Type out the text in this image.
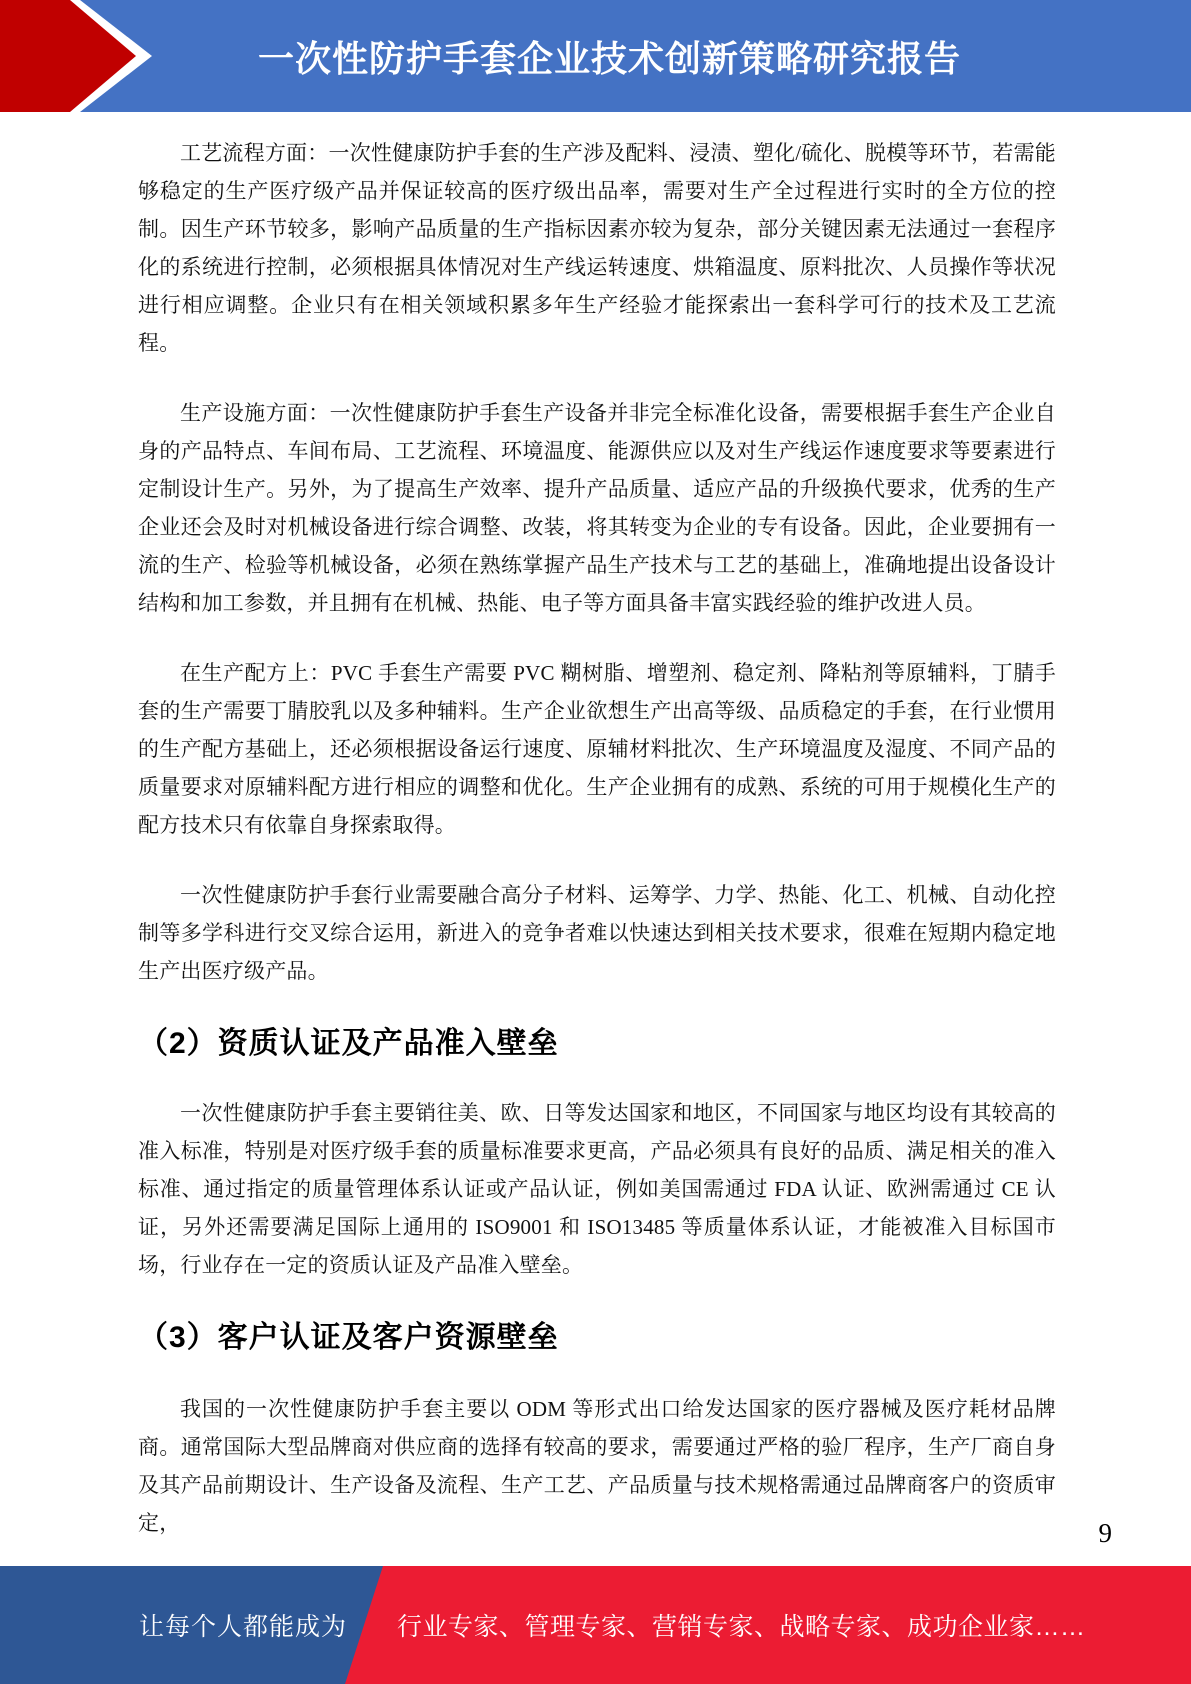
一次性防护手套企业技术创新策略研究报告

工艺流程方面：一次性健康防护手套的生产涉及配料、浸渍、塑化/硫化、脱模等环节，若需能够稳定的生产医疗级产品并保证较高的医疗级出品率，需要对生产全过程进行实时的全方位的控制。因生产环节较多，影响产品质量的生产指标因素亦较为复杂，部分关键因素无法通过一套程序化的系统进行控制，必须根据具体情况对生产线运转速度、烘箱温度、原料批次、人员操作等状况进行相应调整。企业只有在相关领域积累多年生产经验才能探索出一套科学可行的技术及工艺流程。

生产设施方面：一次性健康防护手套生产设备并非完全标准化设备，需要根据手套生产企业自身的产品特点、车间布局、工艺流程、环境温度、能源供应以及对生产线运作速度要求等要素进行定制设计生产。另外，为了提高生产效率、提升产品质量、适应产品的升级换代要求，优秀的生产企业还会及时对机械设备进行综合调整、改装，将其转变为企业的专有设备。因此，企业要拥有一流的生产、检验等机械设备，必须在熟练掌握产品生产技术与工艺的基础上，准确地提出设备设计结构和加工参数，并且拥有在机械、热能、电子等方面具备丰富实践经验的维护改进人员。

在生产配方上：PVC 手套生产需要 PVC 糊树脂、增塑剂、稳定剂、降粘剂等原辅料，丁腈手套的生产需要丁腈胶乳以及多种辅料。生产企业欲想生产出高等级、品质稳定的手套，在行业惯用的生产配方基础上，还必须根据设备运行速度、原辅材料批次、生产环境温度及湿度、不同产品的质量要求对原辅料配方进行相应的调整和优化。生产企业拥有的成熟、系统的可用于规模化生产的配方技术只有依靠自身探索取得。

一次性健康防护手套行业需要融合高分子材料、运筹学、力学、热能、化工、机械、自动化控制等多学科进行交叉综合运用，新进入的竞争者难以快速达到相关技术要求，很难在短期内稳定地生产出医疗级产品。

（2）资质认证及产品准入壁垒

一次性健康防护手套主要销往美、欧、日等发达国家和地区，不同国家与地区均设有其较高的准入标准，特别是对医疗级手套的质量标准要求更高，产品必须具有良好的品质、满足相关的准入标准、通过指定的质量管理体系认证或产品认证，例如美国需通过 FDA 认证、欧洲需通过 CE 认证，另外还需要满足国际上通用的 ISO9001 和 ISO13485 等质量体系认证，才能被准入目标国市场，行业存在一定的资质认证及产品准入壁垒。

（3）客户认证及客户资源壁垒

我国的一次性健康防护手套主要以 ODM 等形式出口给发达国家的医疗器械及医疗耗材品牌商。通常国际大型品牌商对供应商的选择有较高的要求，需要通过严格的验厂程序，生产厂商自身及其产品前期设计、生产设备及流程、生产工艺、产品质量与技术规格需通过品牌商客户的资质审定，	9
让每个人都能成为 行业专家、管理专家、营销专家、战略专家、成功企业家……
